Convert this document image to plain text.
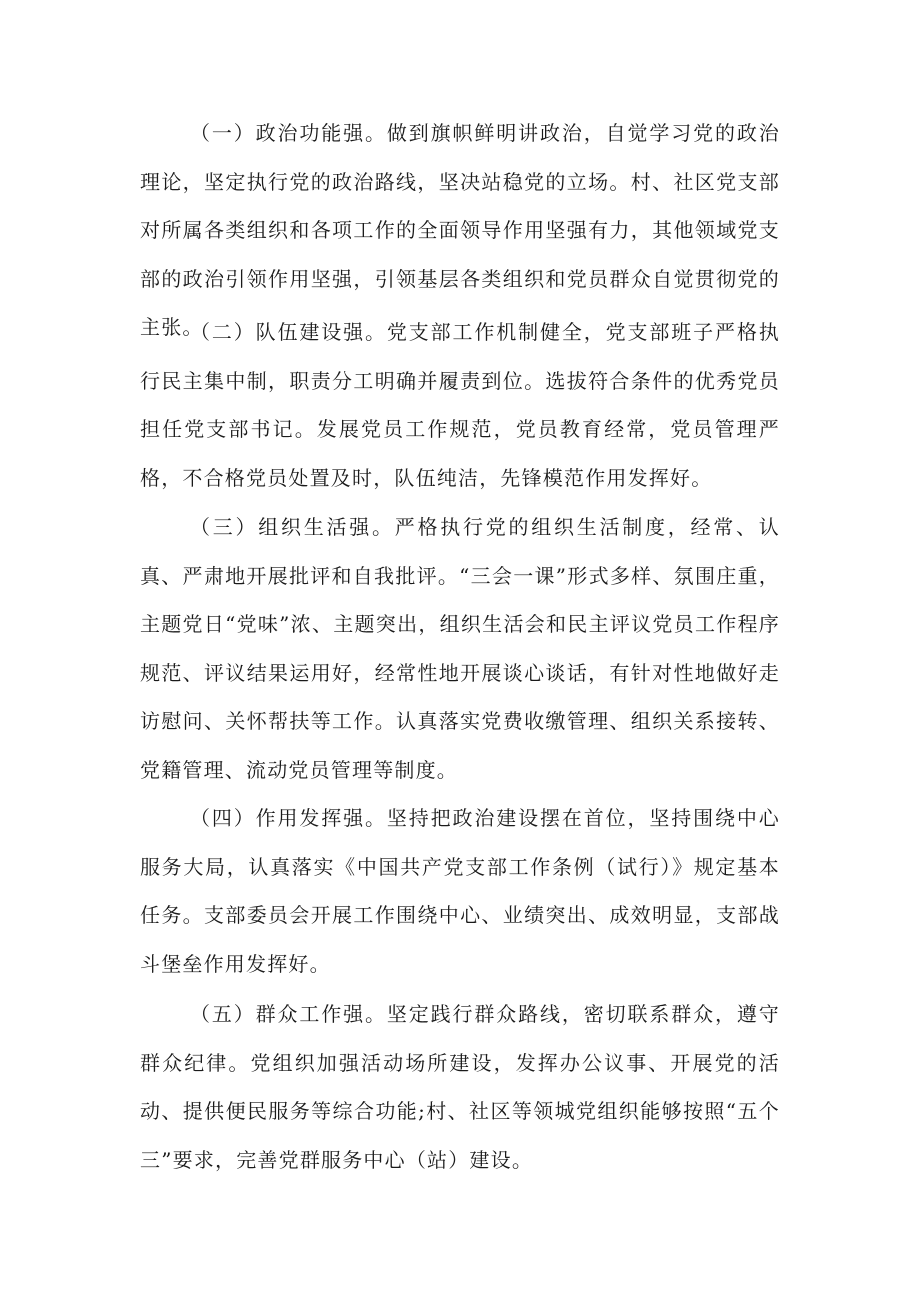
（一）政治功能强。做到旗帜鲜明讲政治，自觉学习党的政治理论，坚定执行党的政治路线，坚决站稳党的立场。村、社区党支部对所属各类组织和各项工作的全面领导作用坚强有力，其他领域党支部的政治引领作用坚强，引领基层各类组织和党员群众自觉贯彻党的主张。

（二）队伍建设强。党支部工作机制健全，党支部班子严格执行民主集中制，职责分工明确并履责到位。选拔符合条件的优秀党员担任党支部书记。发展党员工作规范，党员教育经常，党员管理严格，不合格党员处置及时，队伍纯洁，先锋模范作用发挥好。

（三）组织生活强。严格执行党的组织生活制度，经常、认真、严肃地开展批评和自我批评。“三会一课”形式多样、氛围庄重，主题党日“党味”浓、主题突出，组织生活会和民主评议党员工作程序规范、评议结果运用好，经常性地开展谈心谈话，有针对性地做好走访慰问、关怀帮扶等工作。认真落实党费收缴管理、组织关系接转、党籍管理、流动党员管理等制度。

（四）作用发挥强。坚持把政治建设摆在首位，坚持围绕中心服务大局，认真落实《中国共产党支部工作条例（试行）》规定基本任务。支部委员会开展工作围绕中心、业绩突出、成效明显，支部战斗堡垒作用发挥好。

（五）群众工作强。坚定践行群众路线，密切联系群众，遵守群众纪律。党组织加强活动场所建设，发挥办公议事、开展党的活动、提供便民服务等综合功能;村、社区等领城党组织能够按照“五个三”要求，完善党群服务中心（站）建设。
